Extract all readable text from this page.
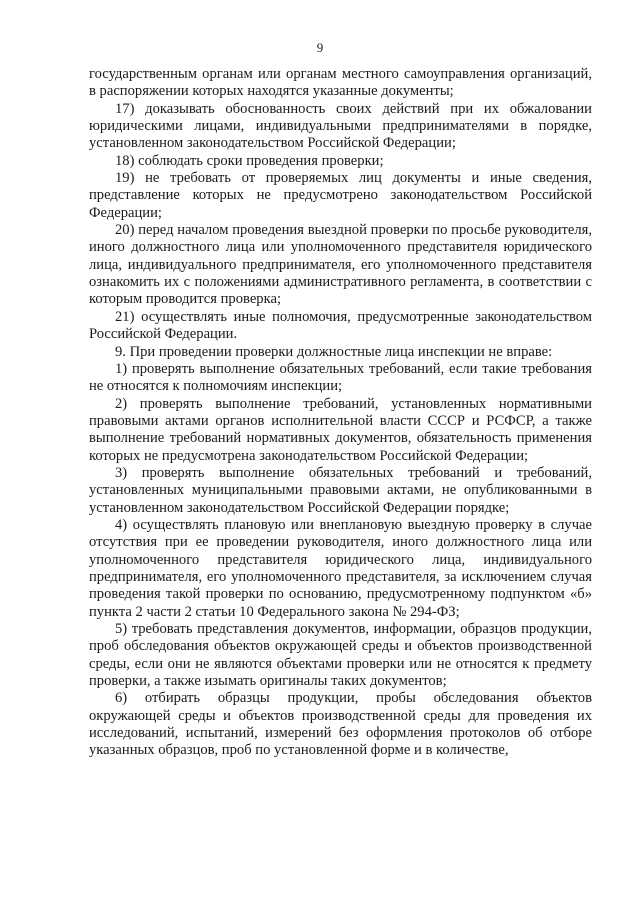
9

государственным органам или органам местного самоуправления организаций, в распоряжении которых находятся указанные документы;

17) доказывать обоснованность своих действий при их обжаловании юридическими лицами, индивидуальными предпринимателями в порядке, установленном законодательством Российской Федерации;

18) соблюдать сроки проведения проверки;

19) не требовать от проверяемых лиц документы и иные сведения, представление которых не предусмотрено законодательством Российской Федерации;

20) перед началом проведения выездной проверки по просьбе руководителя, иного должностного лица или уполномоченного представителя юридического лица, индивидуального предпринимателя, его уполномоченного представителя ознакомить их с положениями административного регламента, в соответствии с которым проводится проверка;

21) осуществлять иные полномочия, предусмотренные законодательством Российской Федерации.

9. При проведении проверки должностные лица инспекции не вправе:

1) проверять выполнение обязательных требований, если такие требования не относятся к полномочиям инспекции;

2) проверять выполнение требований, установленных нормативными правовыми актами органов исполнительной власти СССР и РСФСР, а также выполнение требований нормативных документов, обязательность применения которых не предусмотрена законодательством Российской Федерации;

3) проверять выполнение обязательных требований и требований, установленных муниципальными правовыми актами, не опубликованными в установленном законодательством Российской Федерации порядке;

4) осуществлять плановую или внеплановую выездную проверку в случае отсутствия при ее проведении руководителя, иного должностного лица или уполномоченного представителя юридического лица, индивидуального предпринимателя, его уполномоченного представителя, за исключением случая проведения такой проверки по основанию, предусмотренному подпунктом «б» пункта 2 части 2 статьи 10 Федерального закона № 294-ФЗ;

5) требовать представления документов, информации, образцов продукции, проб обследования объектов окружающей среды и объектов производственной среды, если они не являются объектами проверки или не относятся к предмету проверки, а также изымать оригиналы таких документов;

6) отбирать образцы продукции, пробы обследования объектов окружающей среды и объектов производственной среды для проведения их исследований, испытаний, измерений без оформления протоколов об отборе указанных образцов, проб по установленной форме и в количестве,
